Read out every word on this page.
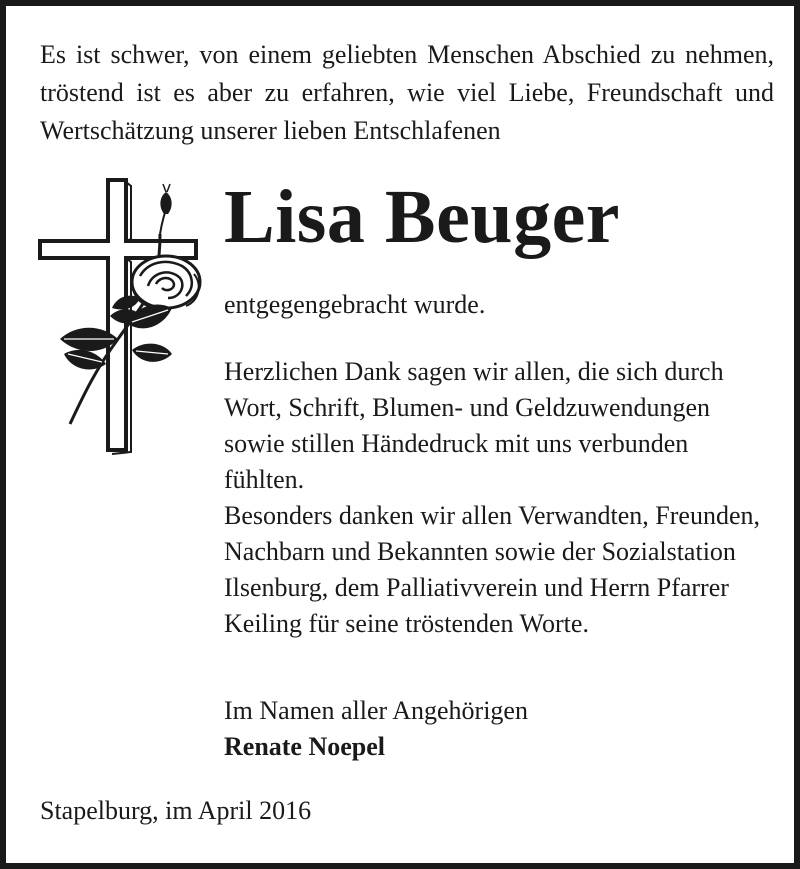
Es ist schwer, von einem geliebten Menschen Abschied zu nehmen, tröstend ist es aber zu erfahren, wie viel Liebe, Freundschaft und Wertschätzung unserer lieben Entschlafenen

Lisa Beuger

entgegengebracht wurde.

Herzlichen Dank sagen wir allen, die sich durch Wort, Schrift, Blumen- und Geldzuwendungen sowie stillen Händedruck mit uns verbunden fühlten.

Besonders danken wir allen Verwandten, Freunden, Nachbarn und Bekannten sowie der Sozialstation Ilsenburg, dem Palliativverein und Herrn Pfarrer Keiling für seine tröstenden Worte.

Im Namen aller Angehörigen
Renate Noepel

Stapelburg, im April 2016
